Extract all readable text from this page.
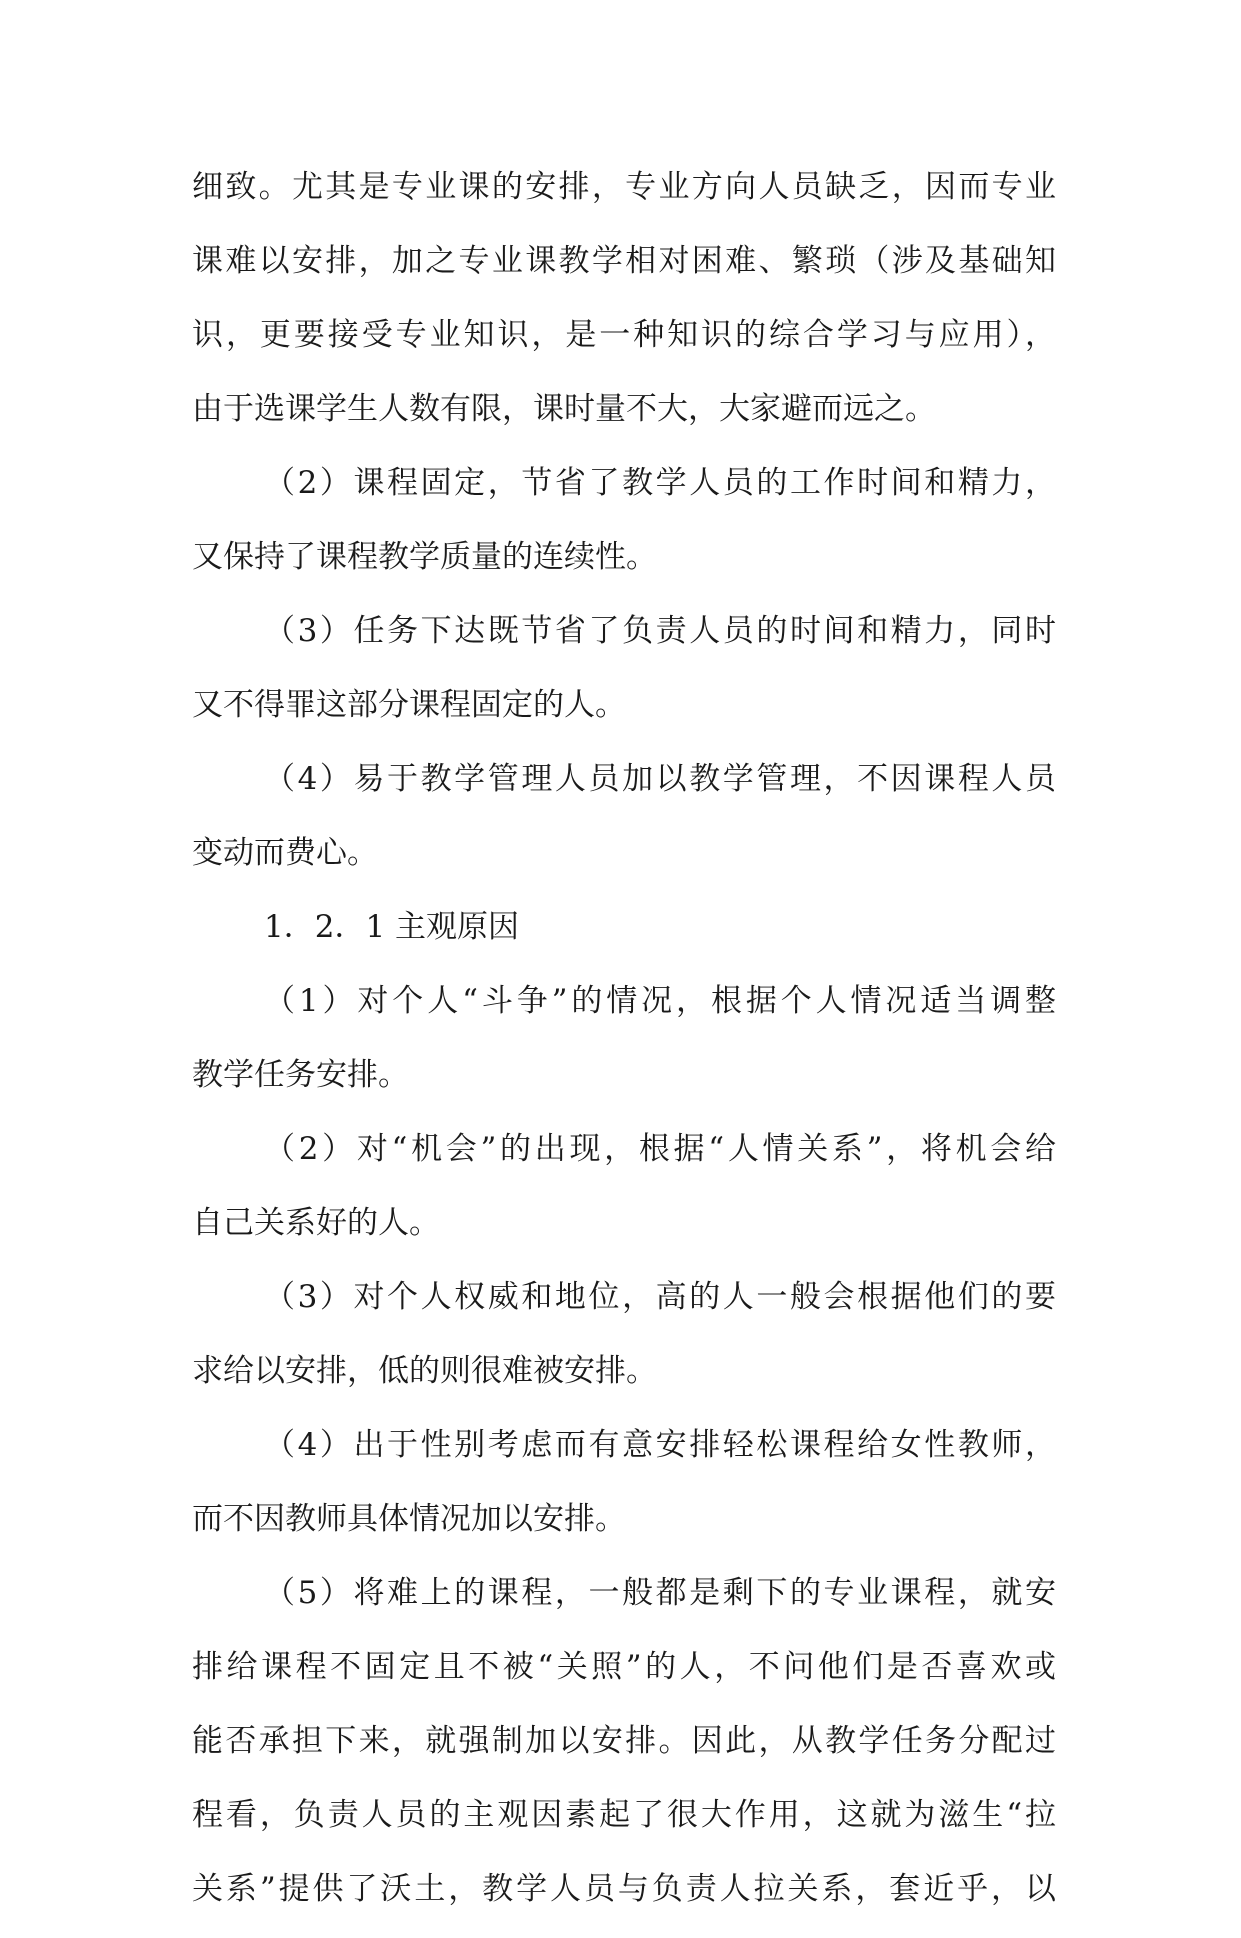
细致。尤其是专业课的安排，专业方向人员缺乏，因而专业
课难以安排，加之专业课教学相对困难、繁琐（涉及基础知
识，更要接受专业知识，是一种知识的综合学习与应用），
由于选课学生人数有限，课时量不大，大家避而远之。
（2）课程固定，节省了教学人员的工作时间和精力，
又保持了课程教学质量的连续性。
（3）任务下达既节省了负责人员的时间和精力，同时
又不得罪这部分课程固定的人。
（4）易于教学管理人员加以教学管理，不因课程人员
变动而费心。
1．2．1 主观原因
（1）对个人“斗争”的情况，根据个人情况适当调整
教学任务安排。
（2）对“机会”的出现，根据“人情关系”，将机会给
自己关系好的人。
（3）对个人权威和地位，高的人一般会根据他们的要
求给以安排，低的则很难被安排。
（4）出于性别考虑而有意安排轻松课程给女性教师，
而不因教师具体情况加以安排。
（5）将难上的课程，一般都是剩下的专业课程，就安
排给课程不固定且不被“关照”的人，不问他们是否喜欢或
能否承担下来，就强制加以安排。因此，从教学任务分配过
程看，负责人员的主观因素起了很大作用，这就为滋生“拉
关系”提供了沃土，教学人员与负责人拉关系，套近乎，以
